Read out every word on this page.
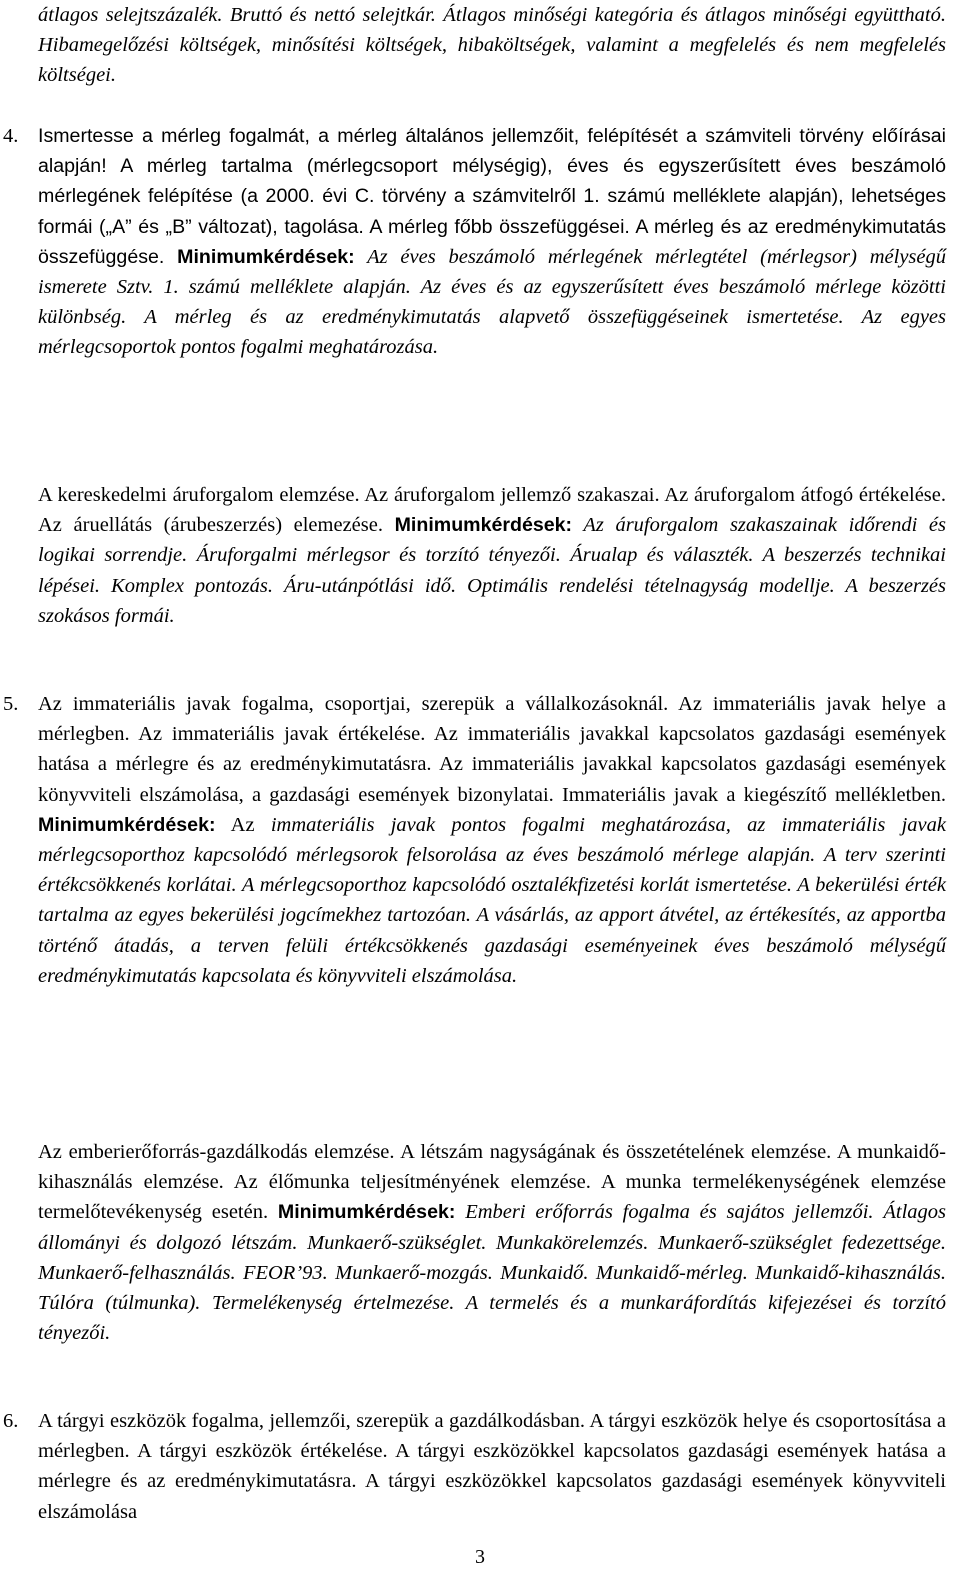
átlagos selejtszázalék. Bruttó és nettó selejtkár. Átlagos minőségi kategória és átlagos minőségi együttható. Hibamegelőzési költségek, minősítési költségek, hibaköltségek, valamint a megfelelés és nem megfelelés költségei.
4. Ismertesse a mérleg fogalmát, a mérleg általános jellemzőit, felépítését a számviteli törvény előírásai alapján! A mérleg tartalma (mérlegcsoport mélységig), éves és egyszerűsített éves beszámoló mérlegének felépítése (a 2000. évi C. törvény a számvitelről 1. számú melléklete alapján), lehetséges formái („A” és „B” változat), tagolása. A mérleg főbb összefüggései. A mérleg és az eredménykimutatás összefüggése. Minimumkérdések: Az éves beszámoló mérlegének mérlegtétel (mérlegsor) mélységű ismerete Sztv. 1. számú melléklete alapján. Az éves és az egyszerűsített éves beszámoló mérlege közötti különbség. A mérleg és az eredménykimutatás alapvető összefüggéseinek ismertetése. Az egyes mérlegcsoportok pontos fogalmi meghatározása.
A kereskedelmi áruforgalom elemzése. Az áruforgalom jellemző szakaszai. Az áruforgalom átfogó értékelése. Az áruellátás (árubeszerzés) elemezése. Minimumkérdések: Az áruforgalom szakaszainak időrendi és logikai sorrendje. Áruforgalmi mérlegsor és torzító tényezői. Árualap és választék. A beszerzés technikai lépései. Komplex pontozás. Áru-utánpótlási idő. Optimális rendelési tételnagyság modellje. A beszerzés szokásos formái.
5. Az immateriális javak fogalma, csoportjai, szerepük a vállalkozásoknál. Az immateriális javak helye a mérlegben. Az immateriális javak értékelése. Az immateriális javakkal kapcsolatos gazdasági események hatása a mérlegre és az eredménykimutatásra. Az immateriális javakkal kapcsolatos gazdasági események könyvviteli elszámolása, a gazdasági események bizonylatai. Immateriális javak a kiegészítő mellékletben. Minimumkérdések: Az immateriális javak pontos fogalmi meghatározása, az immateriális javak mérlegcsoporthoz kapcsolódó mérlegsorok felsorolása az éves beszámoló mérlege alapján. A terv szerinti értékcsökkenés korlátai. A mérlegcsoporthoz kapcsolódó osztalékfizetési korlát ismertetése. A bekerülési érték tartalma az egyes bekerülési jogcímekhez tartozóan. A vásárlás, az apport átvétel, az értékesítés, az apportba történő átadás, a terven felüli értékcsökkenés gazdasági eseményeinek éves beszámoló mélységű eredménykimutatás kapcsolata és könyvviteli elszámolása.
Az emberierőforrás-gazdálkodás elemzése. A létszám nagyságának és összetételének elemzése. A munkaidő-kihasználás elemzése. Az élőmunka teljesítményének elemzése. A munka termelékenységének elemzése termelőtevékenység esetén. Minimumkérdések: Emberi erőforrás fogalma és sajátos jellemzői. Átlagos állományi és dolgozó létszám. Munkaerő-szükséglet. Munkakörelemzés. Munkaerő-szükséglet fedezettsége. Munkaerő-felhasználás. FEOR’93. Munkaerő-mozgás. Munkaidő. Munkaidő-mérleg. Munkaidő-kihasználás. Túlóra (túlmunka). Termelékenység értelmezése. A termelés és a munkaráfordítás kifejezései és torzító tényezői.
6. A tárgyi eszközök fogalma, jellemzői, szerepük a gazdálkodásban. A tárgyi eszközök helye és csoportosítása a mérlegben. A tárgyi eszközök értékelése. A tárgyi eszközökkel kapcsolatos gazdasági események hatása a mérlegre és az eredménykimutatásra. A tárgyi eszközökkel kapcsolatos gazdasági események könyvviteli elszámolása
3
